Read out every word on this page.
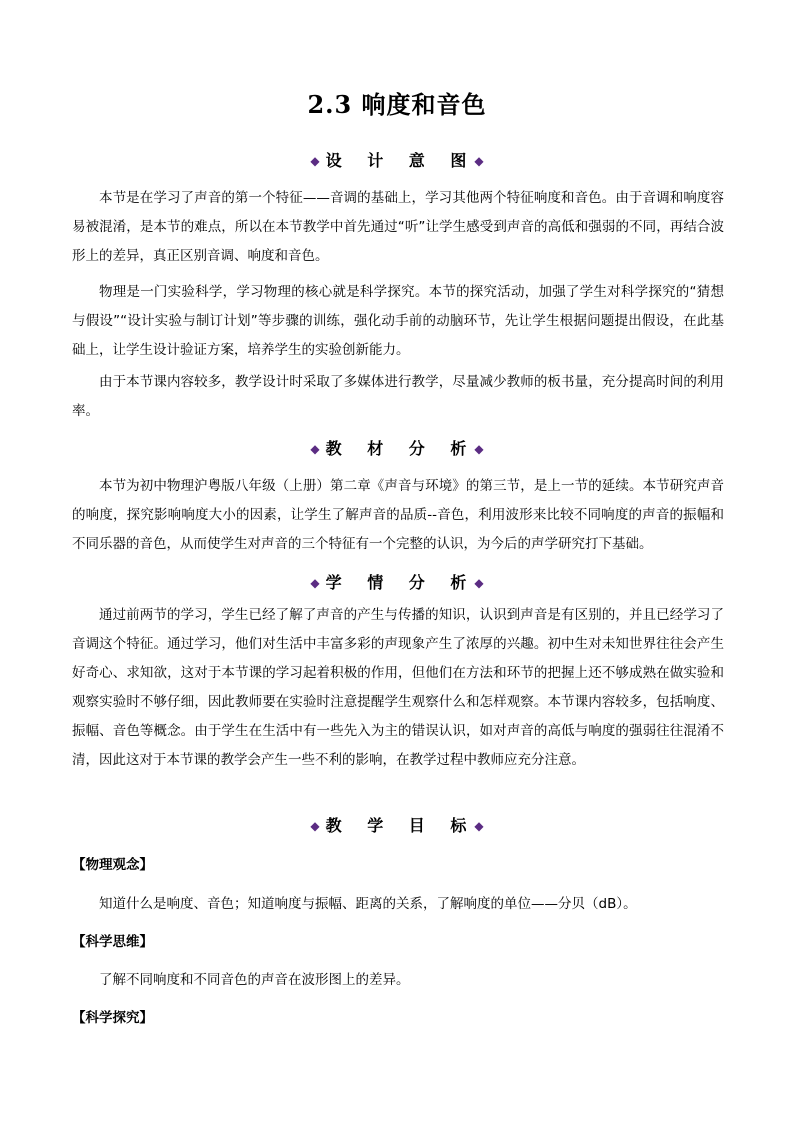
2.3 响度和音色
◆ 设 计 意 图◆

本节是在学习了声音的第一个特征——音调的基础上，学习其他两个特征响度和音色。由于音调和响度容易被混淆，是本节的难点，所以在本节教学中首先通过“听”让学生感受到声音的高低和强弱的不同，再结合波形上的差异，真正区别音调、响度和音色。

物理是一门实验科学，学习物理的核心就是科学探究。本节的探究活动，加强了学生对科学探究的“猜想与假设”“设计实验与制订计划”等步骤的训练，强化动手前的动脑环节，先让学生根据问题提出假设，在此基础上，让学生设计验证方案，培养学生的实验创新能力。

由于本节课内容较多，教学设计时采取了多媒体进行教学，尽量减少教师的板书量，充分提高时间的利用率。

◆ 教 材 分 析◆

本节为初中物理沪粤版八年级（上册）第二章《声音与环境》的第三节，是上一节的延续。本节研究声音的响度，探究影响响度大小的因素，让学生了解声音的品质--音色，利用波形来比较不同响度的声音的振幅和不同乐器的音色，从而使学生对声音的三个特征有一个完整的认识，为今后的声学研究打下基础。

◆ 学 情 分 析◆

通过前两节的学习，学生已经了解了声音的产生与传播的知识，认识到声音是有区别的，并且已经学习了音调这个特征。通过学习，他们对生活中丰富多彩的声现象产生了浓厚的兴趣。初中生对未知世界往往会产生好奇心、求知欲，这对于本节课的学习起着积极的作用，但他们在方法和环节的把握上还不够成熟在做实验和观察实验时不够仔细，因此教师要在实验时注意提醒学生观察什么和怎样观察。本节课内容较多，包括响度、振幅、音色等概念。由于学生在生活中有一些先入为主的错误认识，如对声音的高低与响度的强弱往往混淆不清，因此这对于本节课的教学会产生一些不利的影响，在教学过程中教师应充分注意。

◆ 教 学 目 标◆
【物理观念】

知道什么是响度、音色；知道响度与振幅、距离的关系，了解响度的单位——分贝（dB）。

【科学思维】

了解不同响度和不同音色的声音在波形图上的差异。

【科学探究】
